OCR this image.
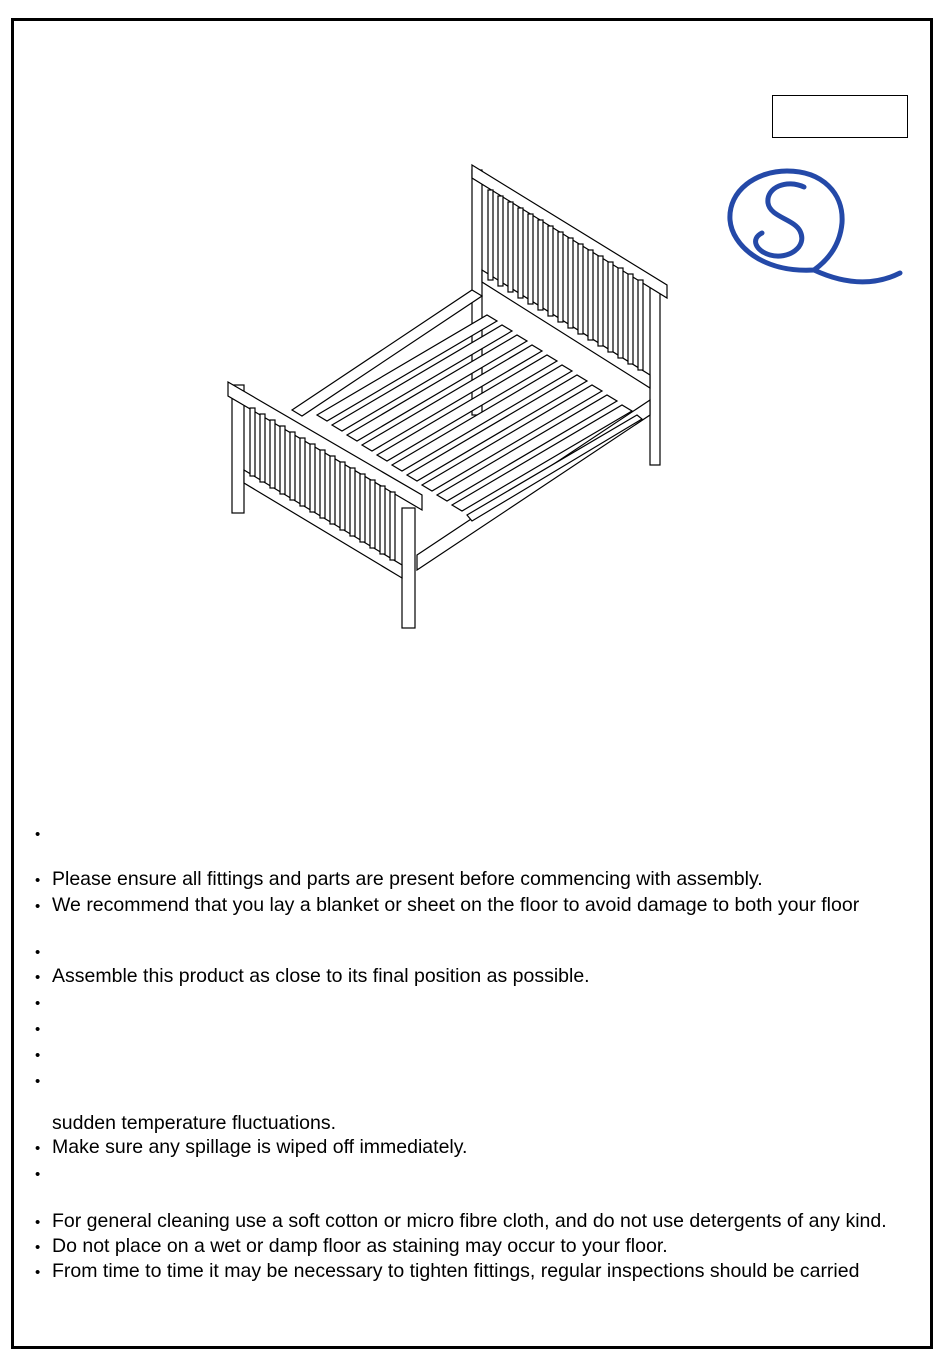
•
• Please ensure all fittings and parts are present before commencing with assembly.
• We recommend that you lay a blanket or sheet on the floor to avoid damage to both your floor
•
• Assemble this product as close to its final position as possible.
•
•
•
•
sudden temperature fluctuations.
• Make sure any spillage is wiped off immediately.
•
• For general cleaning use a soft cotton or micro fibre cloth, and do not use detergents of any kind.
• Do not place on a wet or damp floor as staining may occur to your floor.
• From time to time it may be necessary to tighten fittings, regular inspections should be carried
